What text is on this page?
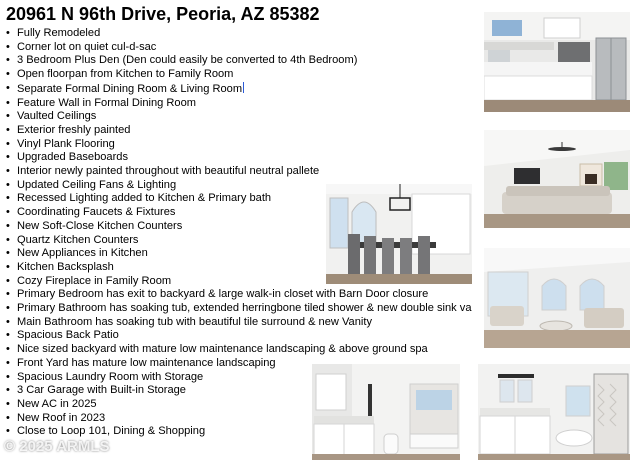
20961 N 96th Drive, Peoria, AZ 85382
• Fully Remodeled
• Corner lot on quiet cul-d-sac
• 3 Bedroom Plus Den (Den could easily be converted to 4th Bedroom)
• Open floorpan from Kitchen to Family Room
• Separate Formal Dining Room & Living Room
• Feature Wall in Formal Dining Room
• Vaulted Ceilings
• Exterior freshly painted
• Vinyl Plank Flooring
• Upgraded Baseboards
• Interior newly painted throughout with beautiful neutral pallete
• Updated Ceiling Fans & Lighting
• Recessed Lighting added to Kitchen & Primary bath
• Coordinating Faucets & Fixtures
• New Soft-Close Kitchen Counters
• Quartz Kitchen Counters
• New Appliances in Kitchen
• Kitchen Backsplash
• Cozy Fireplace in Family Room
• Primary Bedroom has exit to backyard & large walk-in closet with Barn Door closure
• Primary Bathroom has soaking tub, extended herringbone tiled shower & new double sink va
• Main Bathroom has soaking tub with beautiful tile surround & new Vanity
• Spacious Back Patio
• Nice sized backyard with mature low maintenance landscaping & above ground spa
• Front Yard has mature low maintenance landscaping
• Spacious Laundry Room with Storage
• 3 Car Garage with Built-in Storage
• New AC in 2025
• New Roof in 2023
• Close to Loop 101, Dining & Shopping
© 2025 ARMLS
